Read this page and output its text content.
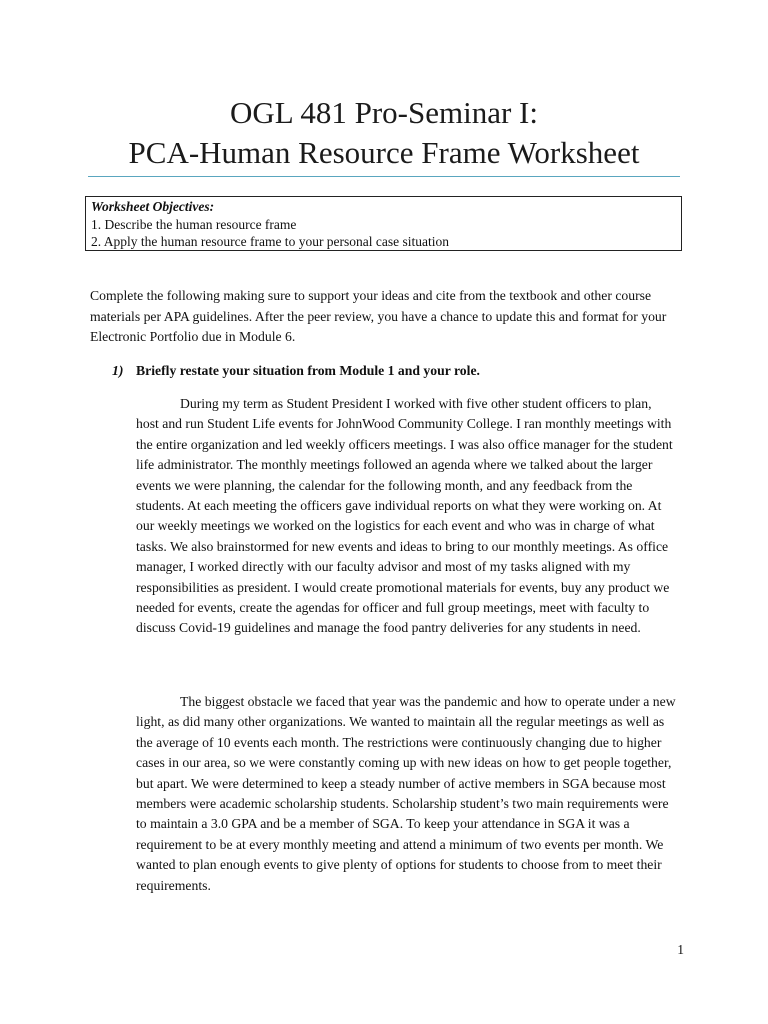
OGL 481 Pro-Seminar I:
PCA-Human Resource Frame Worksheet
Worksheet Objectives:
1. Describe the human resource frame
2. Apply the human resource frame to your personal case situation
Complete the following making sure to support your ideas and cite from the textbook and other course materials per APA guidelines. After the peer review, you have a chance to update this and format for your Electronic Portfolio due in Module 6.
1) Briefly restate your situation from Module 1 and your role.

During my term as Student President I worked with five other student officers to plan, host and run Student Life events for JohnWood Community College. I ran monthly meetings with the entire organization and led weekly officers meetings. I was also office manager for the student life administrator. The monthly meetings followed an agenda where we talked about the larger events we were planning, the calendar for the following month, and any feedback from the students. At each meeting the officers gave individual reports on what they were working on. At our weekly meetings we worked on the logistics for each event and who was in charge of what tasks. We also brainstormed for new events and ideas to bring to our monthly meetings. As office manager, I worked directly with our faculty advisor and most of my tasks aligned with my responsibilities as president. I would create promotional materials for events, buy any product we needed for events, create the agendas for officer and full group meetings, meet with faculty to discuss Covid-19 guidelines and manage the food pantry deliveries for any students in need.

The biggest obstacle we faced that year was the pandemic and how to operate under a new light, as did many other organizations. We wanted to maintain all the regular meetings as well as the average of 10 events each month. The restrictions were continuously changing due to higher cases in our area, so we were constantly coming up with new ideas on how to get people together, but apart. We were determined to keep a steady number of active members in SGA because most members were academic scholarship students. Scholarship student’s two main requirements were to maintain a 3.0 GPA and be a member of SGA. To keep your attendance in SGA it was a requirement to be at every monthly meeting and attend a minimum of two events per month. We wanted to plan enough events to give plenty of options for students to choose from to meet their requirements.

1
